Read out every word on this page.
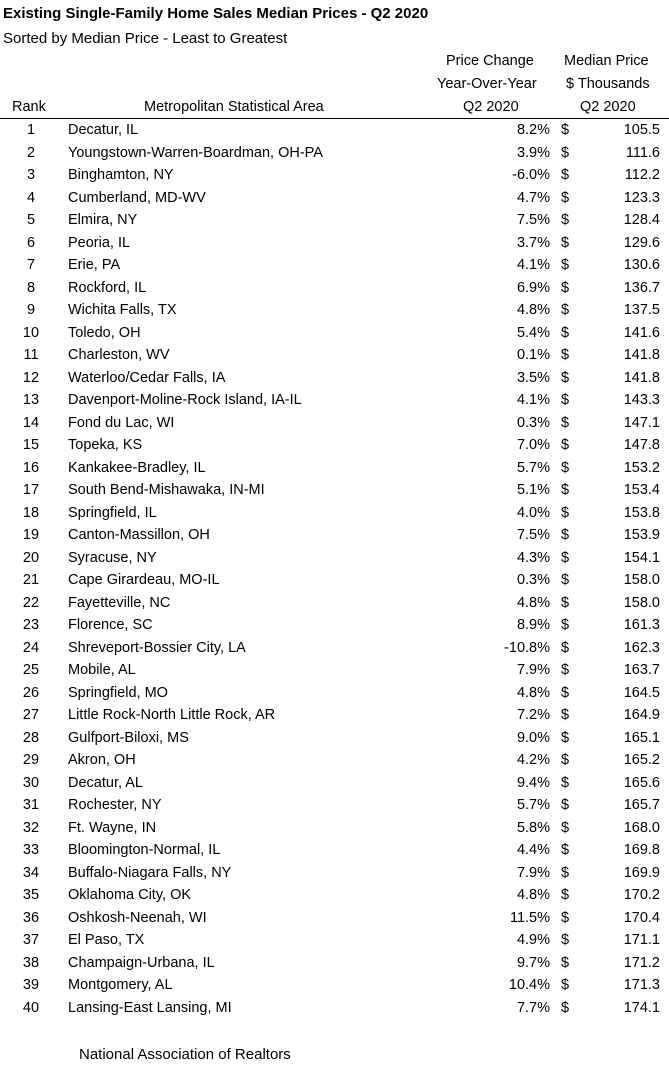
Existing Single-Family Home Sales Median Prices - Q2 2020
Sorted by Median Price - Least to Greatest
Price Change
Year-Over-Year
Q2 2020
Median Price
$ Thousands
Q2 2020
Rank	Metropolitan Statistical Area
1	Decatur, IL	8.2% $	105.5
2	Youngstown-Warren-Boardman, OH-PA	3.9% $	111.6
3	Binghamton, NY	-6.0% $	112.2
4	Cumberland, MD-WV	4.7% $	123.3
5	Elmira, NY	7.5% $	128.4
6	Peoria, IL	3.7% $	129.6
7	Erie, PA	4.1% $	130.6
8	Rockford, IL	6.9% $	136.7
9	Wichita Falls, TX	4.8% $	137.5
10	Toledo, OH	5.4% $	141.6
11	Charleston, WV	0.1% $	141.8
12	Waterloo/Cedar Falls, IA	3.5% $	141.8
13	Davenport-Moline-Rock Island, IA-IL	4.1% $	143.3
14	Fond du Lac, WI	0.3% $	147.1
15	Topeka, KS	7.0% $	147.8
16	Kankakee-Bradley, IL	5.7% $	153.2
17	South Bend-Mishawaka, IN-MI	5.1% $	153.4
18	Springfield, IL	4.0% $	153.8
19	Canton-Massillon, OH	7.5% $	153.9
20	Syracuse, NY	4.3% $	154.1
21	Cape Girardeau, MO-IL	0.3% $	158.0
22	Fayetteville, NC	4.8% $	158.0
23	Florence, SC	8.9% $	161.3
24	Shreveport-Bossier City, LA	-10.8% $	162.3
25	Mobile, AL	7.9% $	163.7
26	Springfield, MO	4.8% $	164.5
27	Little Rock-North Little Rock, AR	7.2% $	164.9
28	Gulfport-Biloxi, MS	9.0% $	165.1
29	Akron, OH	4.2% $	165.2
30	Decatur, AL	9.4% $	165.6
31	Rochester, NY	5.7% $	165.7
32	Ft. Wayne, IN	5.8% $	168.0
33	Bloomington-Normal, IL	4.4% $	169.8
34	Buffalo-Niagara Falls, NY	7.9% $	169.9
35	Oklahoma City, OK	4.8% $	170.2
36	Oshkosh-Neenah, WI	11.5% $	170.4
37	El Paso, TX	4.9% $	171.1
38	Champaign-Urbana, IL	9.7% $	171.2
39	Montgomery, AL	10.4% $	171.3
40	Lansing-East Lansing, MI	7.7% $	174.1
National Association of Realtors
